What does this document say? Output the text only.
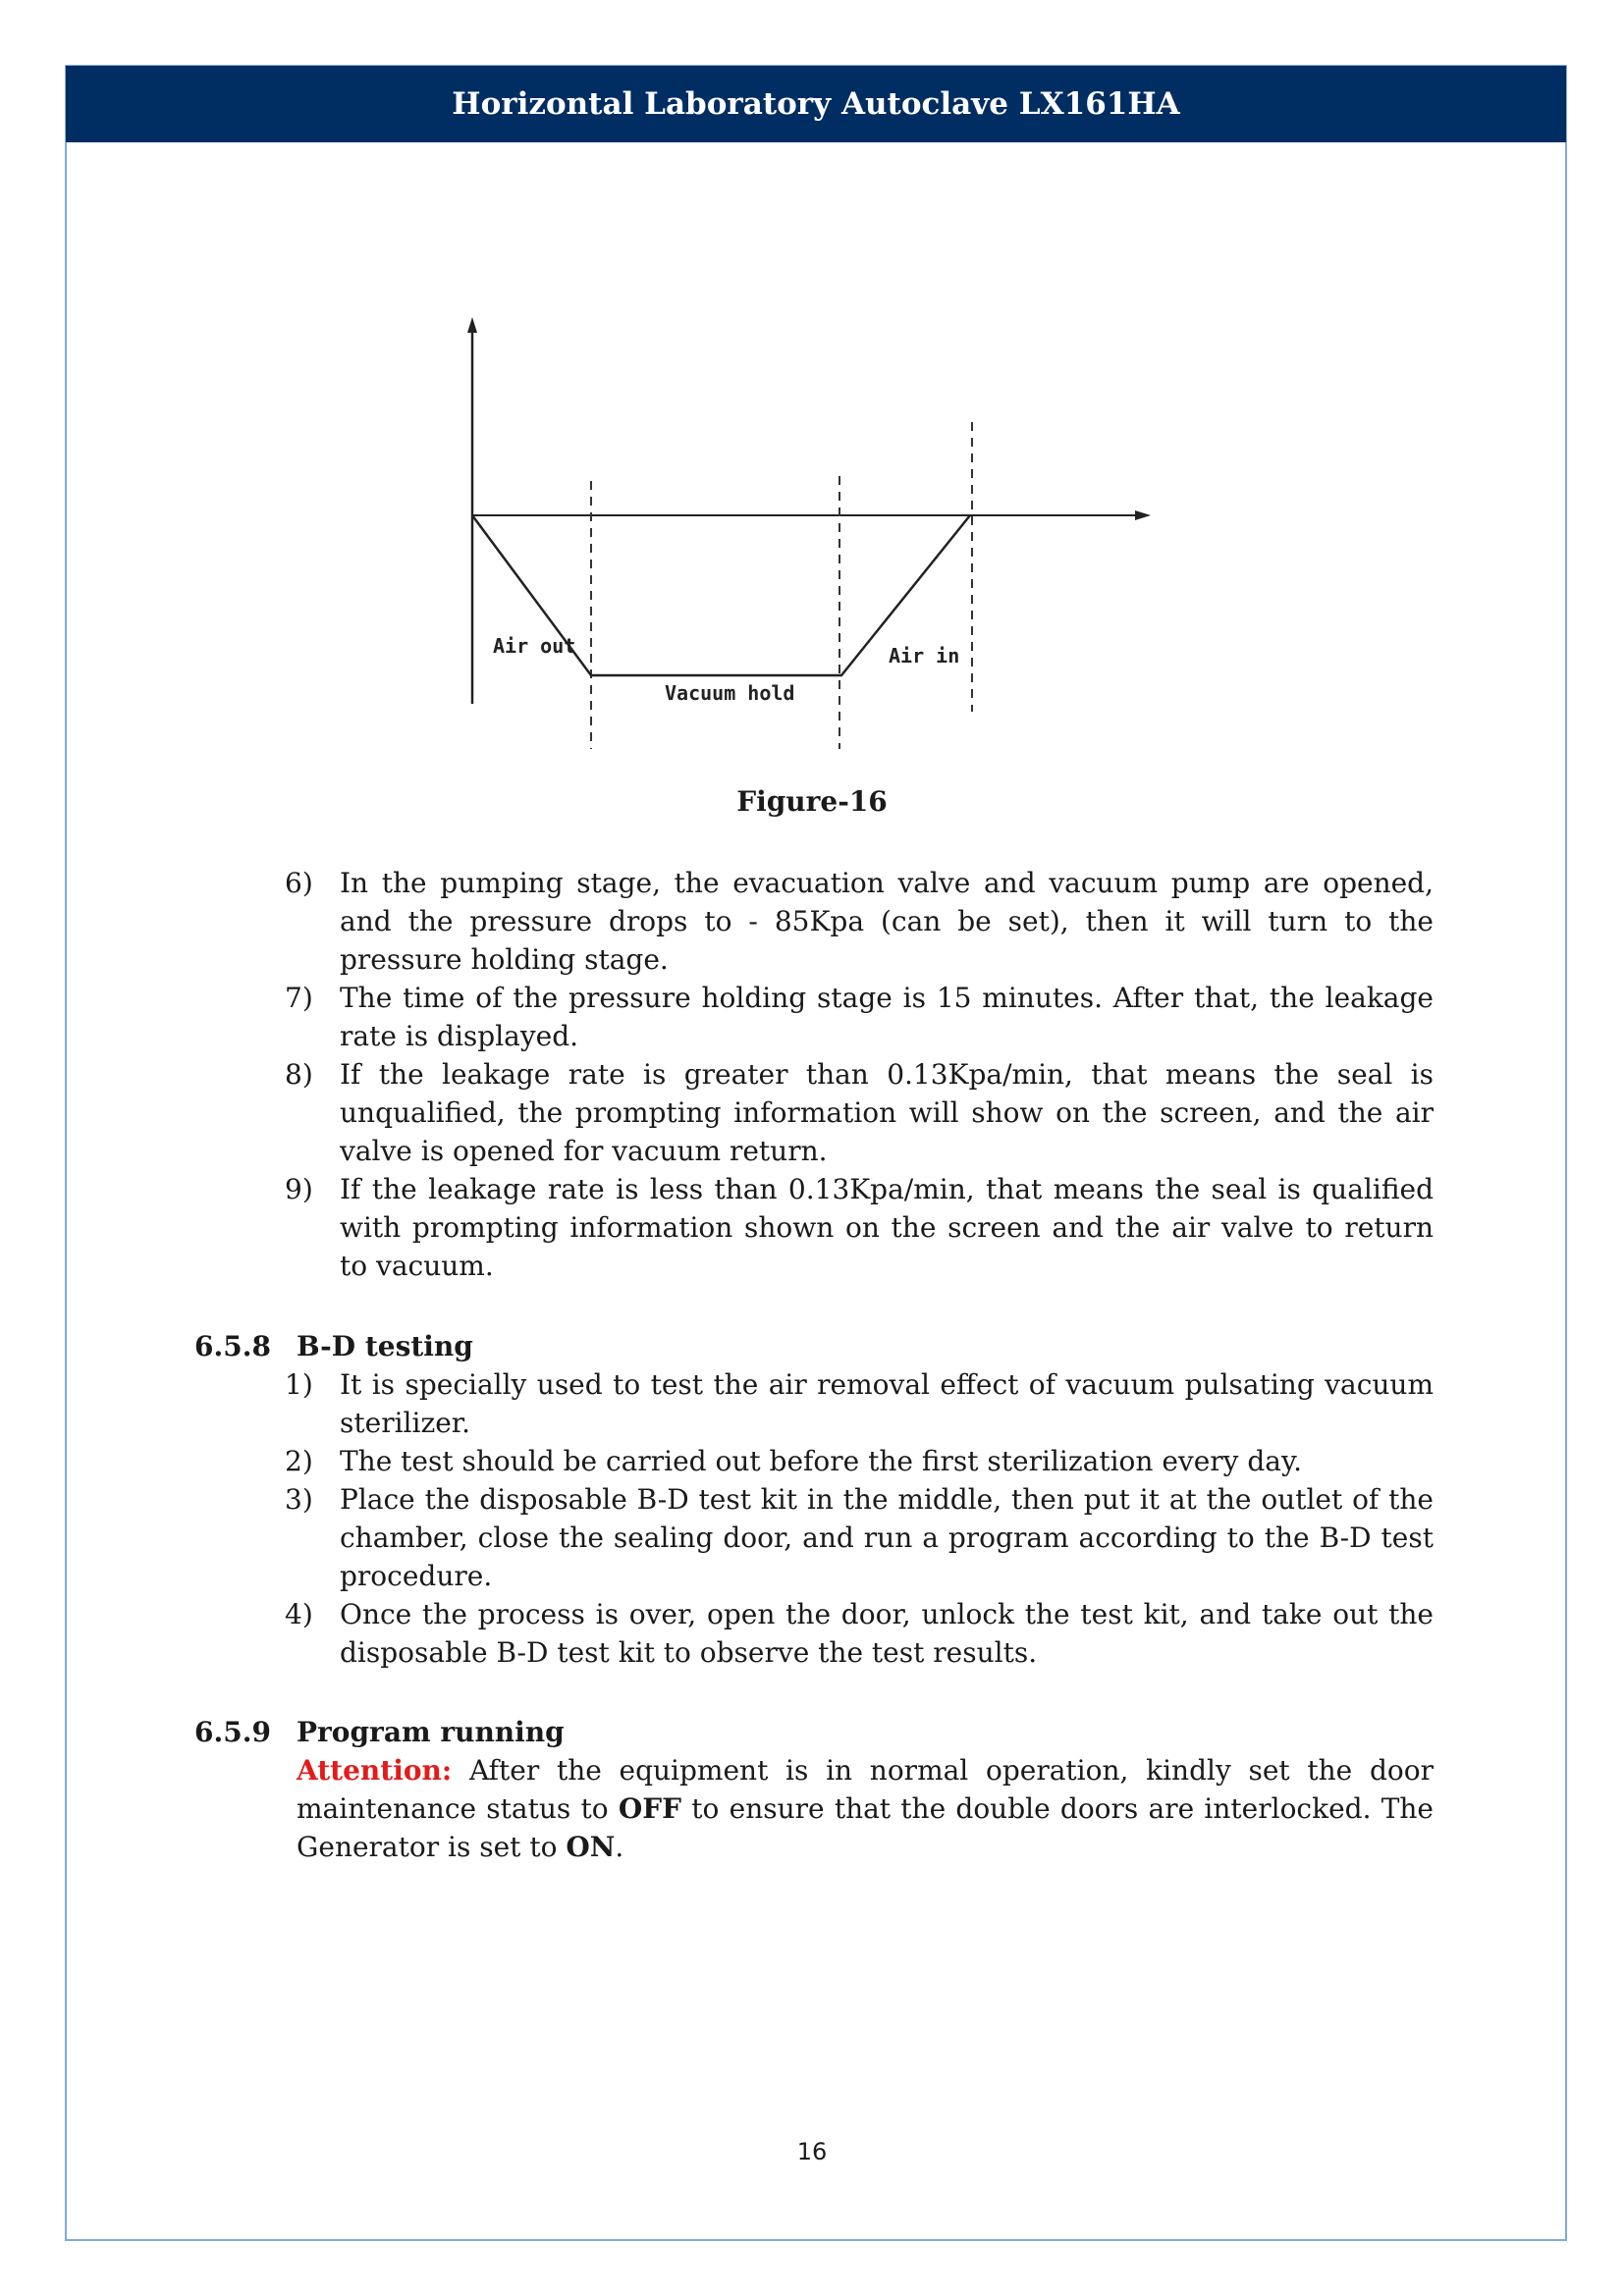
Horizontal Laboratory Autoclave LX161HA
Air out
Vacuum hold
Air in
Figure-16
6) In the pumping stage, the evacuation valve and vacuum pump are opened, and the pressure drops to - 85Kpa (can be set), then it will turn to the pressure holding stage.
7) The time of the pressure holding stage is 15 minutes. After that, the leakage rate is displayed.
8) If the leakage rate is greater than 0.13Kpa/min, that means the seal is unqualified, the prompting information will show on the screen, and the air valve is opened for vacuum return.
9) If the leakage rate is less than 0.13Kpa/min, that means the seal is qualified with prompting information shown on the screen and the air valve to return to vacuum.
6.5.8 B-D testing
1) It is specially used to test the air removal effect of vacuum pulsating vacuum sterilizer.
2) The test should be carried out before the first sterilization every day.
3) Place the disposable B-D test kit in the middle, then put it at the outlet of the chamber, close the sealing door, and run a program according to the B-D test procedure.
4) Once the process is over, open the door, unlock the test kit, and take out the disposable B-D test kit to observe the test results.
6.5.9 Program running
Attention: After the equipment is in normal operation, kindly set the door maintenance status to OFF to ensure that the double doors are interlocked. The Generator is set to ON.
16
